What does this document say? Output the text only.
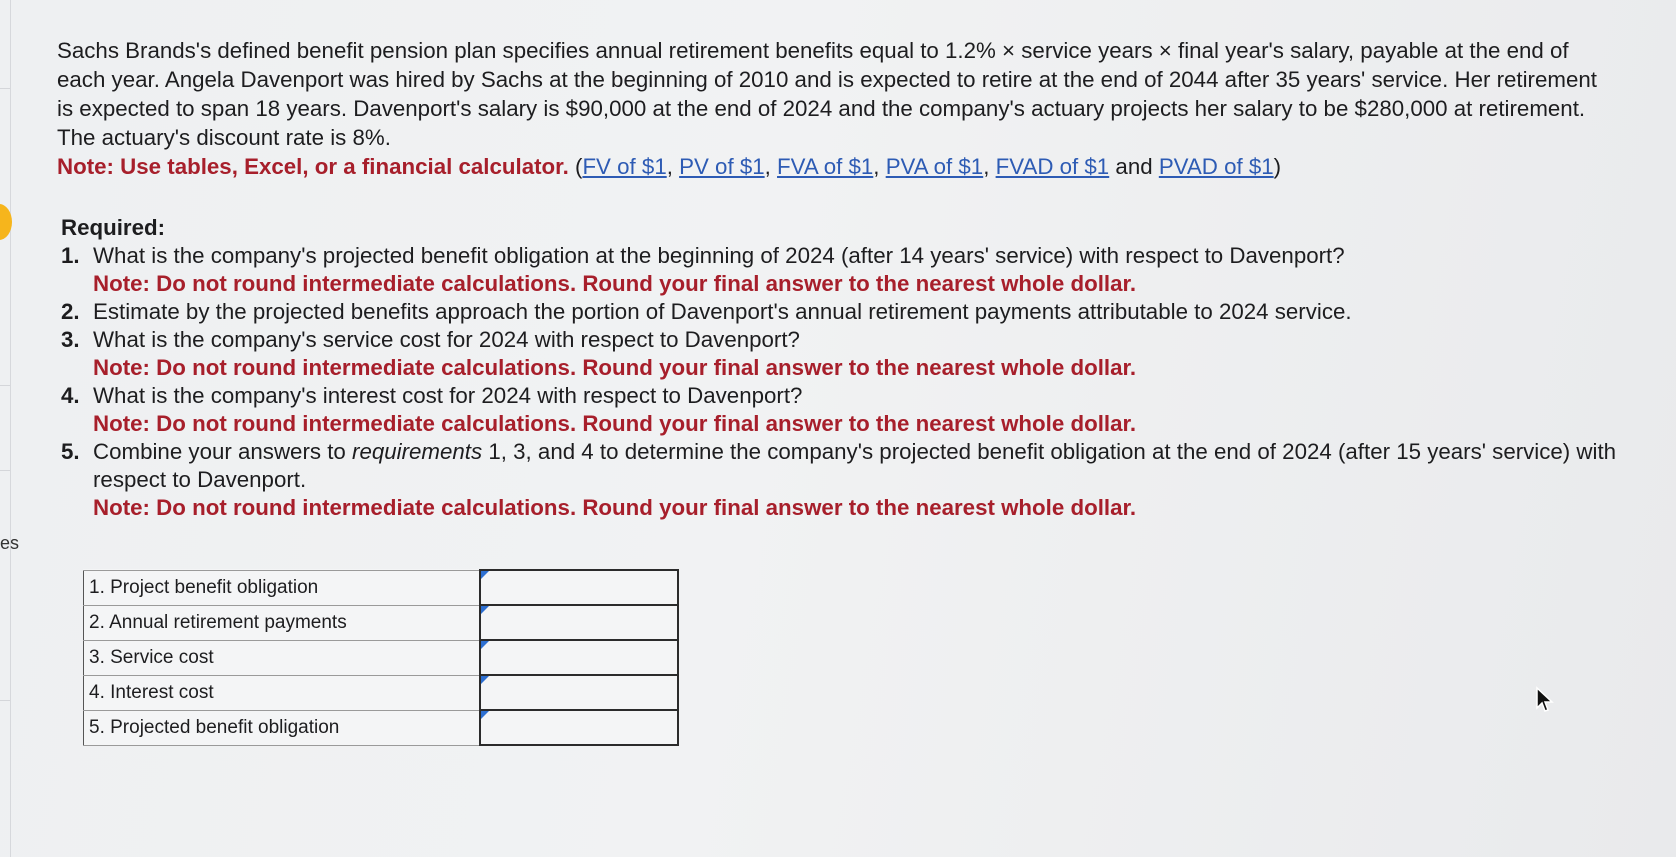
es
Sachs Brands's defined benefit pension plan specifies annual retirement benefits equal to 1.2% × service years × final year's salary, payable at the end of each year. Angela Davenport was hired by Sachs at the beginning of 2010 and is expected to retire at the end of 2044 after 35 years' service. Her retirement is expected to span 18 years. Davenport's salary is $90,000 at the end of 2024 and the company's actuary projects her salary to be $280,000 at retirement. The actuary's discount rate is 8%.
Note: Use tables, Excel, or a financial calculator. (FV of $1, PV of $1, FVA of $1, PVA of $1, FVAD of $1 and PVAD of $1)
Required:
1. What is the company's projected benefit obligation at the beginning of 2024 (after 14 years' service) with respect to Davenport?
Note: Do not round intermediate calculations. Round your final answer to the nearest whole dollar.
2. Estimate by the projected benefits approach the portion of Davenport's annual retirement payments attributable to 2024 service.
3. What is the company's service cost for 2024 with respect to Davenport?
Note: Do not round intermediate calculations. Round your final answer to the nearest whole dollar.
4. What is the company's interest cost for 2024 with respect to Davenport?
Note: Do not round intermediate calculations. Round your final answer to the nearest whole dollar.
5. Combine your answers to requirements 1, 3, and 4 to determine the company's projected benefit obligation at the end of 2024 (after 15 years' service) with respect to Davenport.
Note: Do not round intermediate calculations. Round your final answer to the nearest whole dollar.
1. Project benefit obligation	

2. Annual retirement payments	

3. Service cost	

4. Interest cost	

5. Projected benefit obligation	
